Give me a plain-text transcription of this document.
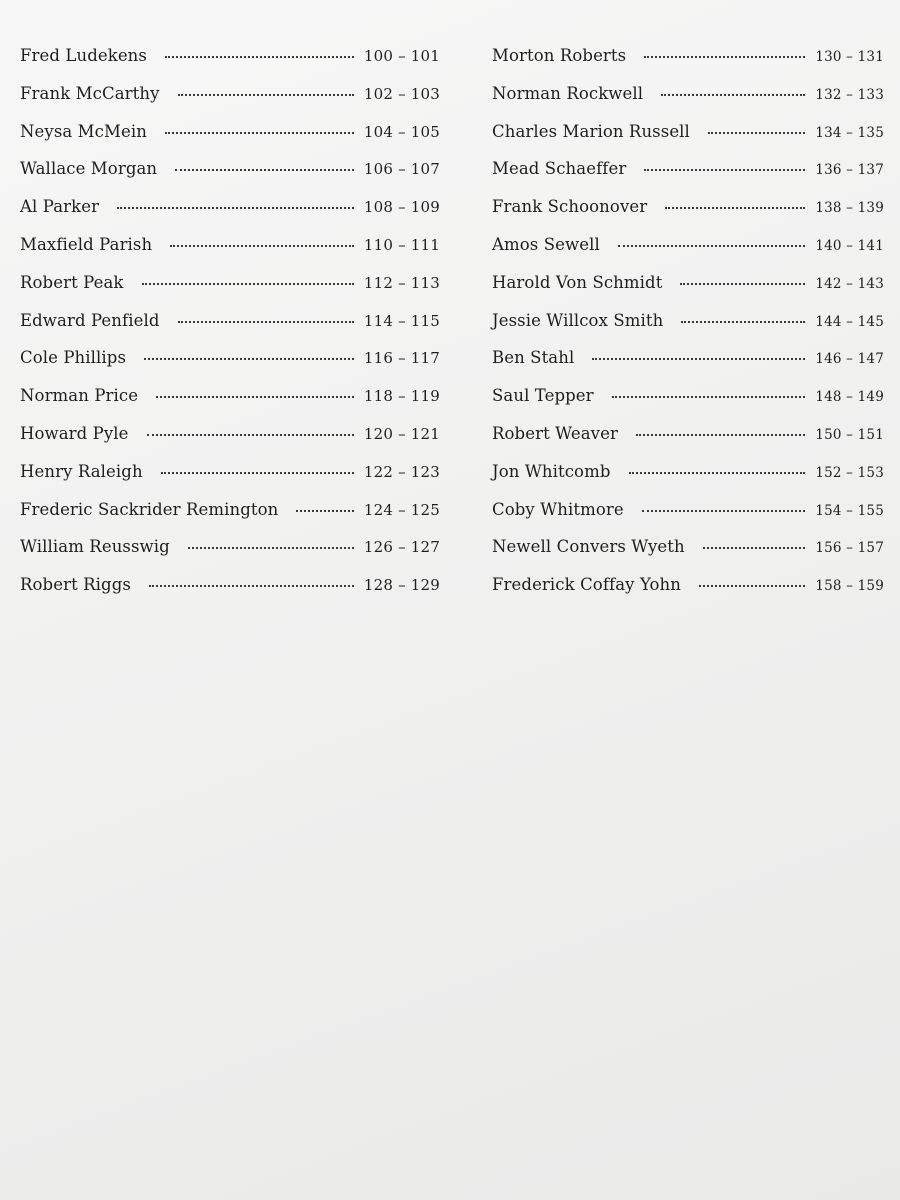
Fred Ludekens	100 – 101
Frank McCarthy	102 – 103
Neysa McMein	104 – 105
Wallace Morgan	106 – 107
Al Parker	108 – 109
Maxfield Parish	110 – 111
Robert Peak	112 – 113
Edward Penfield	114 – 115
Cole Phillips	116 – 117
Norman Price	118 – 119
Howard Pyle	120 – 121
Henry Raleigh	122 – 123
Frederic Sackrider Remington	124 – 125
William Reusswig	126 – 127
Robert Riggs	128 – 129
Morton Roberts	130 – 131
Norman Rockwell	132 – 133
Charles Marion Russell	134 – 135
Mead Schaeffer	136 – 137
Frank Schoonover	138 – 139
Amos Sewell	140 – 141
Harold Von Schmidt	142 – 143
Jessie Willcox Smith	144 – 145
Ben Stahl	146 – 147
Saul Tepper	148 – 149
Robert Weaver	150 – 151
Jon Whitcomb	152 – 153
Coby Whitmore	154 – 155
Newell Convers Wyeth	156 – 157
Frederick Coffay Yohn	158 – 159
